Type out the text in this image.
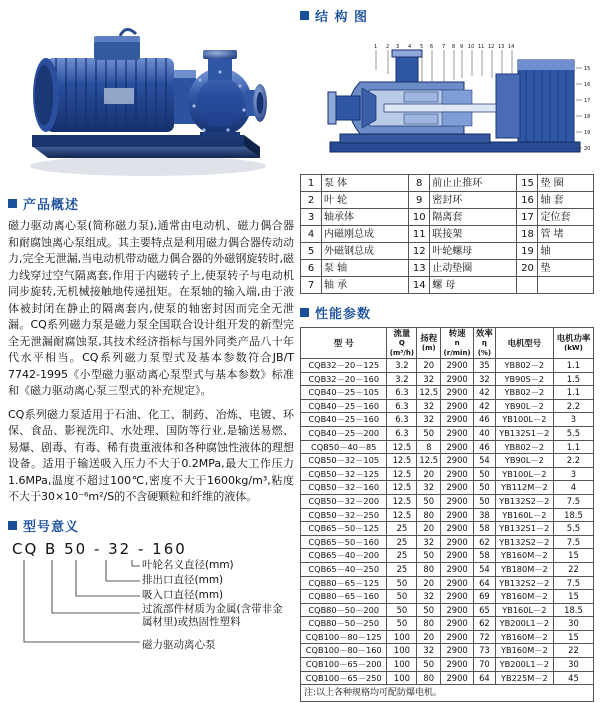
产品概述

磁力驱动离心泵(简称磁力泵),通常由电动机、磁力偶合器和耐腐蚀离心泵组成。其主要特点是利用磁力偶合器传动动力,完全无泄漏,当电动机带动磁力偶合器的外磁钢旋转时,磁力线穿过空气隔离套,作用于内磁转子上,使泵转子与电动机同步旋转,无机械接触地传递扭矩。在泵轴的输入端,由于液体被封闭在静止的隔离套内,使泵的轴密封因而完全无泄漏。CQ系列磁力泵是磁力泵全国联合设计组开发的新型完全无泄漏耐腐蚀泵,其技术经济指标与国外同类产品八十年代水平相当。CQ系列磁力泵型式及基本参数符合JB/T 7742-1995《小型磁力驱动离心泵型式与基本参数》标准和《磁力驱动离心泵三型式的补充规定》。

CQ系列磁力泵适用于石油、化工、制药、冶炼、电镀、环保、食品、影视洗印、水处理、国防等行业,是输送易燃、易爆、剧毒、有毒、稀有贵重液体和各种腐蚀性液体的理想设备。适用于输送吸入压力不大于0.2MPa,最大工作压力1.6MPa,温度不超过100℃,密度不大于1600kg/m³,粘度不大于30×10⁻⁶m²/S的不含硬颗粒和纤维的液体。

型号意义
CQ B 50 - 32 - 160
叶轮名义直径(mm)
排出口直径(mm)
吸入口直径(mm)
过流部件材质为金属(含带非金
属材里)或热固性塑料
磁力驱动离心泵
结 构 图
1 2 3 4 5 6 7 8 9 10 11 12 13 14
15
16
17
18
19
20
1	泵 体	8	前止止推环	15	垫 圈
2	叶 轮	9	密封环	16	轴 套
3	轴承体	10	隔离套	17	定位套
4	内磁刚总成	11	联接架	18	管 堵
5	外磁钢总成	12	叶轮螺母	19	轴
6	泵 轴	13	止动垫圈	20	垫
7	轴 承	14	螺 母		
性能参数
型 号	流量
Q
(m³/h)	扬程
(m)	转速
n
(r/min)	效率
η
(%)	电机型号	电机功率
(kW)

CQB32－20－125	3.2	20	2900	35	YB802－2	1.1
CQB32－20－160	3.2	32	2900	32	YB90S－2	1.5
CQB40－25－105	6.3	12.5	2900	42	YB802－2	1.1
CQB40－25－160	6.3	32	2900	42	YB90L－2	2.2
CQB40－25－160	6.3	32	2900	46	YB100L－2	3
CQB40－25－200	6.3	50	2900	40	YB132S1－2	5.5
CQB50－40－85	12.5	8	2900	46	YB802－2	1.1
CQB50－32－105	12.5	12.5	2900	54	YB90L－2	2.2
CQB50－32－125	12.5	20	2900	50	YB100L－2	3
CQB50－32－160	12.5	32	2900	50	YB112M－2	4
CQB50－32－200	12.5	50	2900	50	YB132S2－2	7.5
CQB50－32－250	12.5	80	2900	38	YB160L－2	18.5
CQB65－50－125	25	20	2900	58	YB132S1－2	5.5
CQB65－50－160	25	32	2900	62	YB132S2－2	7.5
CQB65－40－200	25	50	2900	58	YB160M－2	15
CQB65－40－250	25	80	2900	54	YB180M－2	22
CQB80－65－125	50	20	2900	64	YB132S2－2	7.5
CQB80－65－160	50	32	2900	69	YB160M－2	15
CQB80－50－200	50	50	2900	65	YB160L－2	18.5
CQB80－50－250	50	80	2900	62	YB200L1－2	30
CQB100－80－125	100	20	2900	72	YB160M－2	15
CQB100－80－160	100	32	2900	73	YB160M－2	22
CQB100－65－200	100	50	2900	70	YB200L1－2	30
CQB100－65－250	100	80	2900	64	YB225M－2	45
注:以上各种规格均可配防爆电机。
